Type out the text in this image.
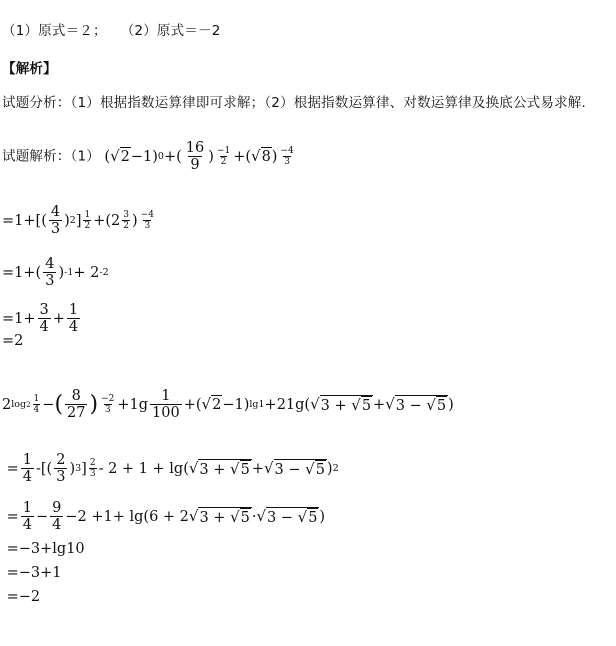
（1）原式＝２； （2）原式＝－2
【解析】
试题分析：（1）根据指数运算律即可求解；（2）根据指数运算律、对数运算律及换底公式易求解．
试题解析：（1） ( √ 2 −1) 0 +( $\frac{16}{9}$ ) $\frac{-1}{2}$ +( √ 8 ) $\frac{-4}{3}$
=1+ [( $\frac{4}{3}$ ) 2 ] $\frac{1}{2} +(2 \frac{3}{2}$ ) $\frac{-4}{3}$
=1+ ( $\frac{4}{3}$ ) -1 + 2 -2
$=1+ \frac{3}{4} + \frac{1}{4}$
=2
2 $\log 2 \frac{1}{4}$ − ( $\frac{8}{27}$ ) $\frac{-2}{3} +1g \frac{1}{100}$ +( √ 2 −1) lg1 +21g( √ 3 + √ 5 + √ 3 − √ 5 )
= $\frac{1}{4}$ -[( $\frac{2}{3}$ ) 3 ] $\frac{2}{3} - 2 + 1 + \lg$( √ 3 + √ 5 + √ 3 − √ 5 ) 2
= $\frac{1}{4} - \frac{9}{4} -2 +1+ \lg(6 + 2$ √ 3 + √ 5 · √ 3 − √ 5 )

=−3+lg10

=−3+1

=−2
